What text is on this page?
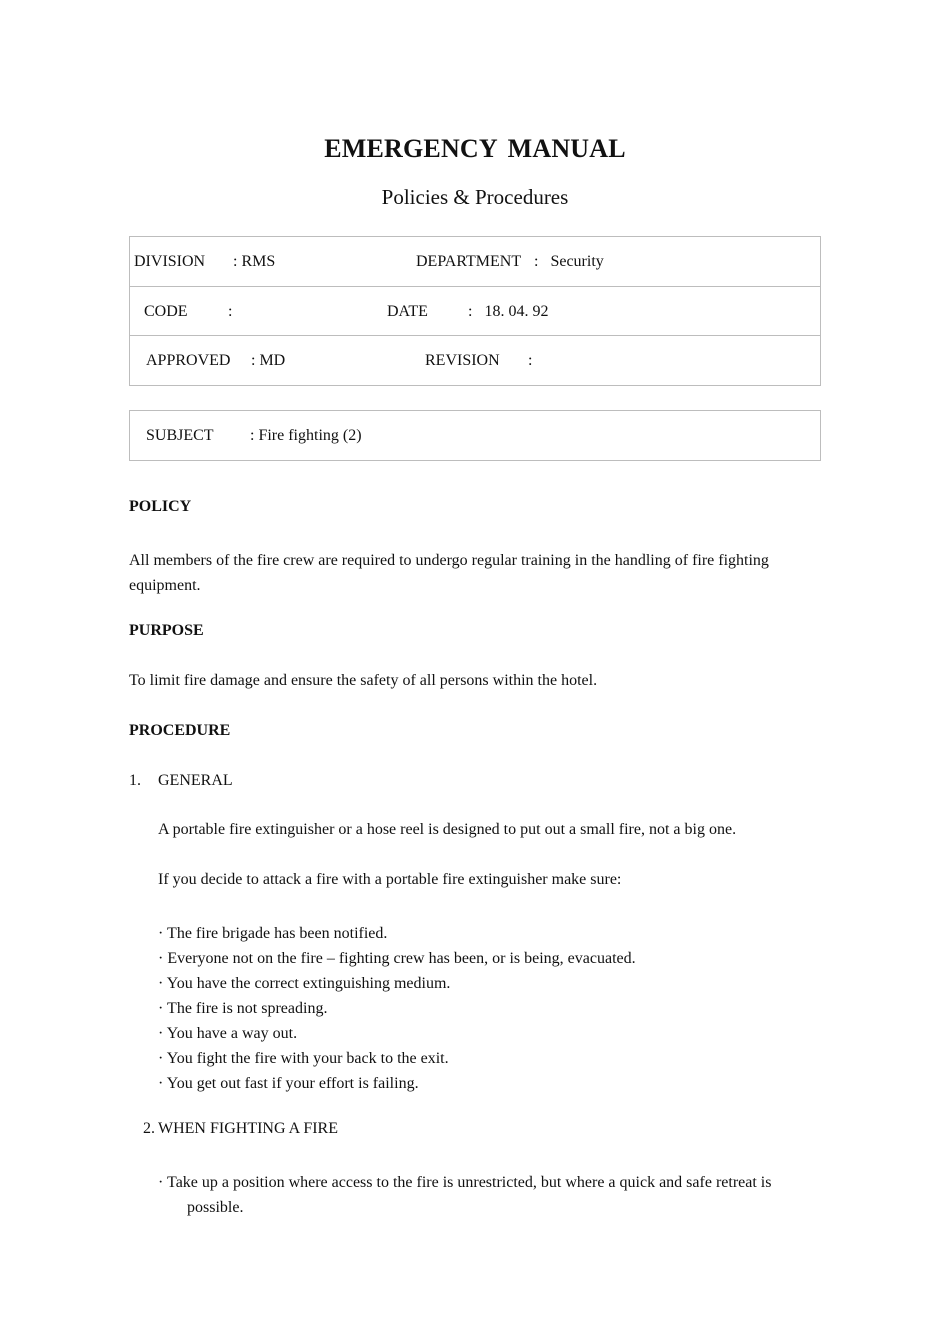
EMERGENCY MANUAL
Policies & Procedures
DIVISION : RMS	DEPARTMENT :   Security
CODE	:	DATE	:   18. 04. 92
APPROVED : MD	REVISION :
SUBJECT : Fire fighting (2)
POLICY
All members of the fire crew are required to undergo regular training in the handling of fire fighting equipment.
PURPOSE
To limit fire damage and ensure the safety of all persons within the hotel.
PROCEDURE
1. GENERAL
A portable fire extinguisher or a hose reel is designed to put out a small fire, not a big one.
If you decide to attack a fire with a portable fire extinguisher make sure:
· The fire brigade has been notified.
· Everyone not on the fire – fighting crew has been, or is being, evacuated.
· You have the correct extinguishing medium.
· The fire is not spreading.
· You have a way out.
· You fight the fire with your back to the exit.
· You get out fast if your effort is failing.
2. WHEN FIGHTING A FIRE
· Take up a position where access to the fire is unrestricted, but where a quick and safe retreat is possible.
